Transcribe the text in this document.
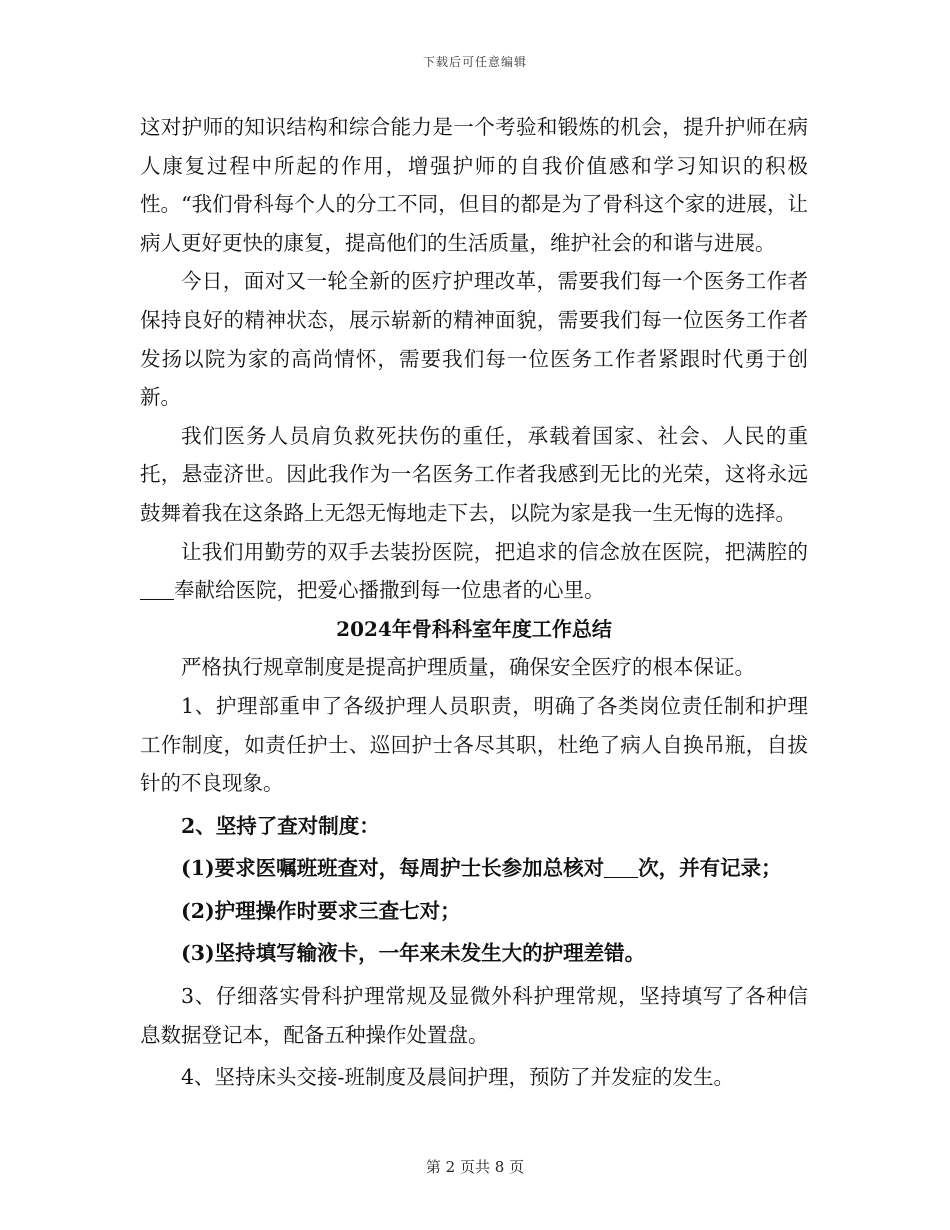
下载后可任意编辑

这对护师的知识结构和综合能力是一个考验和锻炼的机会，提升护师在病人康复过程中所起的作用，增强护师的自我价值感和学习知识的积极性。“我们骨科每个人的分工不同，但目的都是为了骨科这个家的进展，让病人更好更快的康复，提高他们的生活质量，维护社会的和谐与进展。

今日，面对又一轮全新的医疗护理改革，需要我们每一个医务工作者保持良好的精神状态，展示崭新的精神面貌，需要我们每一位医务工作者发扬以院为家的高尚情怀，需要我们每一位医务工作者紧跟时代勇于创新。

我们医务人员肩负救死扶伤的重任，承载着国家、社会、人民的重托，悬壶济世。因此我作为一名医务工作者我感到无比的光荣，这将永远鼓舞着我在这条路上无怨无悔地走下去，以院为家是我一生无悔的选择。

让我们用勤劳的双手去装扮医院，把追求的信念放在医院，把满腔的奉献给医院，把爱心播撒到每一位患者的心里。

2024年骨科科室年度工作总结

严格执行规章制度是提高护理质量，确保安全医疗的根本保证。

1、护理部重申了各级护理人员职责，明确了各类岗位责任制和护理工作制度，如责任护士、巡回护士各尽其职，杜绝了病人自换吊瓶，自拔针的不良现象。

2、坚持了查对制度：

(1)要求医嘱班班查对，每周护士长参加总核对 次，并有记录；

(2)护理操作时要求三查七对；

(3)坚持填写输液卡，一年来未发生大的护理差错。

3、仔细落实骨科护理常规及显微外科护理常规，坚持填写了各种信息数据登记本，配备五种操作处置盘。

4、坚持床头交接-班制度及晨间护理，预防了并发症的发生。

第 2 页共 8 页
